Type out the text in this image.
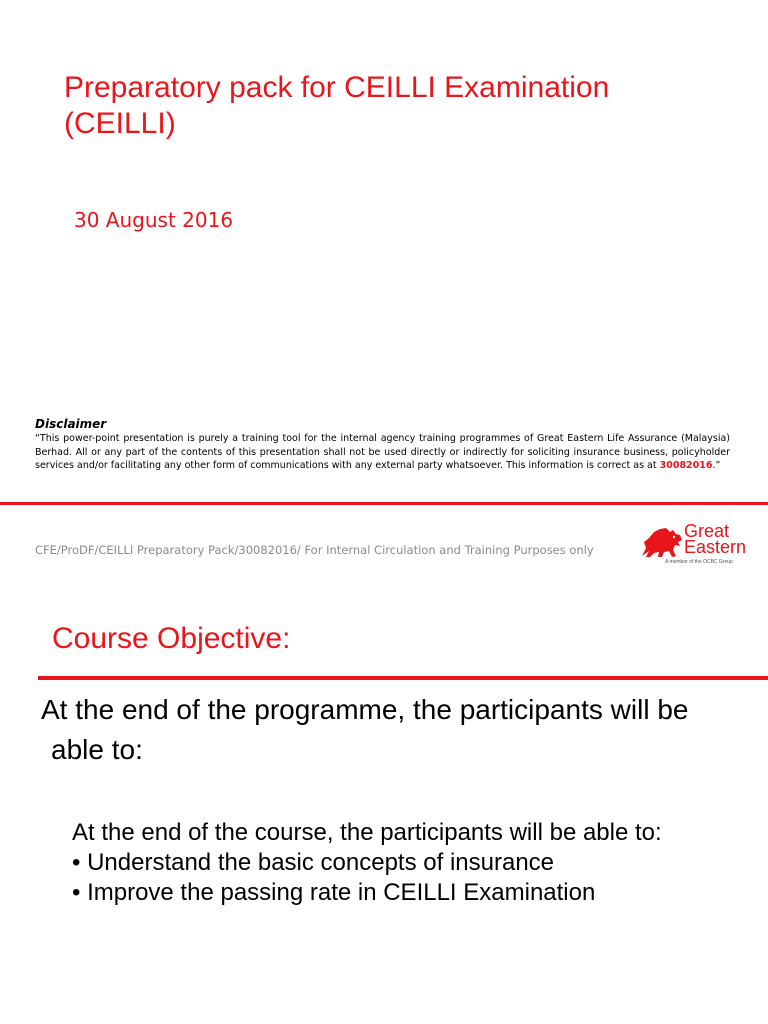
Preparatory pack for CEILLI Examination
(CEILLI)
30 August 2016
Disclaimer

“This power-point presentation is purely a training tool for the internal agency training programmes of Great Eastern Life Assurance (Malaysia) Berhad. All or any part of the contents of this presentation shall not be used directly or indirectly for soliciting insurance business, policyholder services and/or facilitating any other form of communications with any external party whatsoever. This information is correct as at 30082016.”

CFE/ProDF/CEILLI Preparatory Pack/30082016/ For Internal Circulation and Training Purposes only
Great
Eastern
A member of the OCBC Group
Course Objective:
At the end of the programme, the participants will be
able to:
At the end of the course, the participants will be able to:
• Understand the basic concepts of insurance
• Improve the passing rate in CEILLI Examination
